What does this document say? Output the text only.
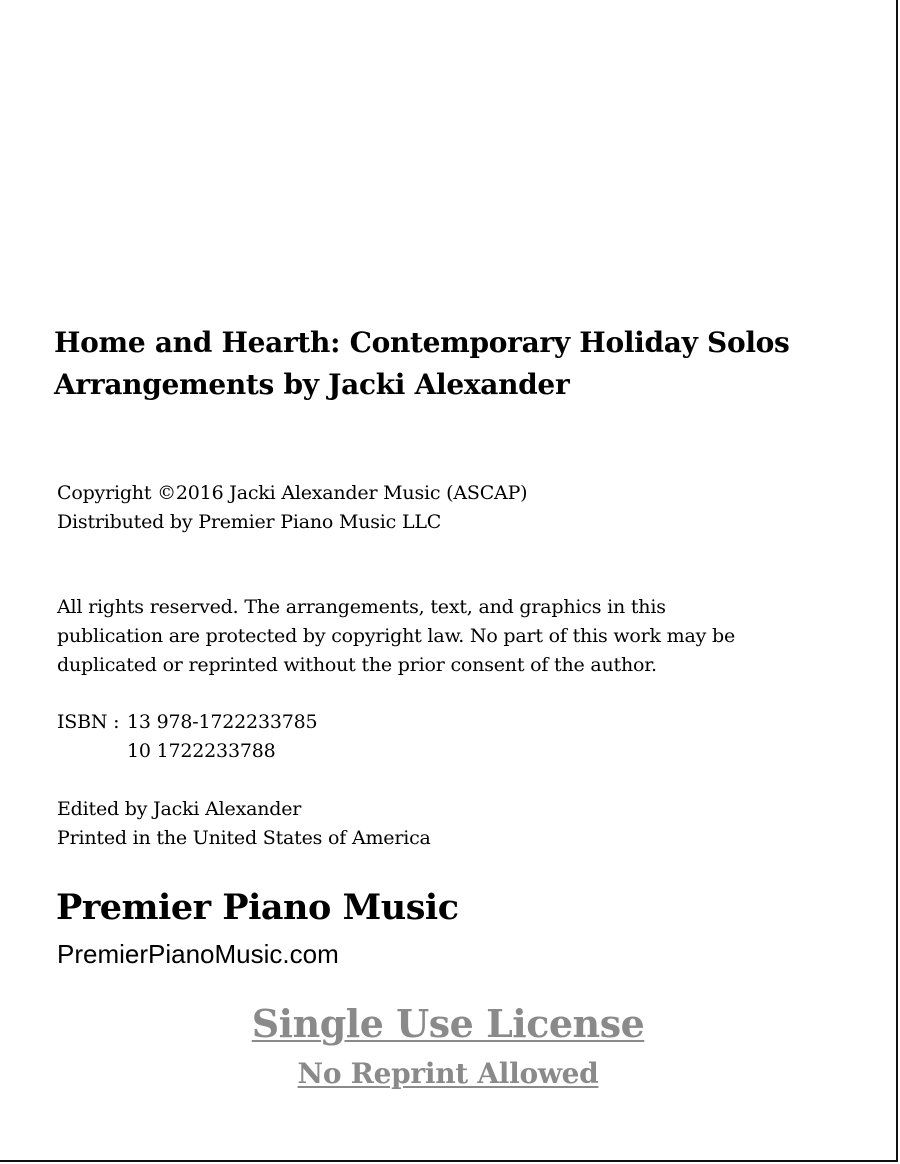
Home and Hearth: Contemporary Holiday Solos
Arrangements by Jacki Alexander
Copyright ©2016 Jacki Alexander Music (ASCAP)
Distributed by Premier Piano Music LLC
All rights reserved. The arrangements, text, and graphics in this
publication are protected by copyright law. No part of this work may be
duplicated or reprinted without the prior consent of the author.
ISBN : 13 978-1722233785
10 1722233788
Edited by Jacki Alexander
Printed in the United States of America
Premier Piano Music
PremierPianoMusic.com
Single Use License
No Reprint Allowed
